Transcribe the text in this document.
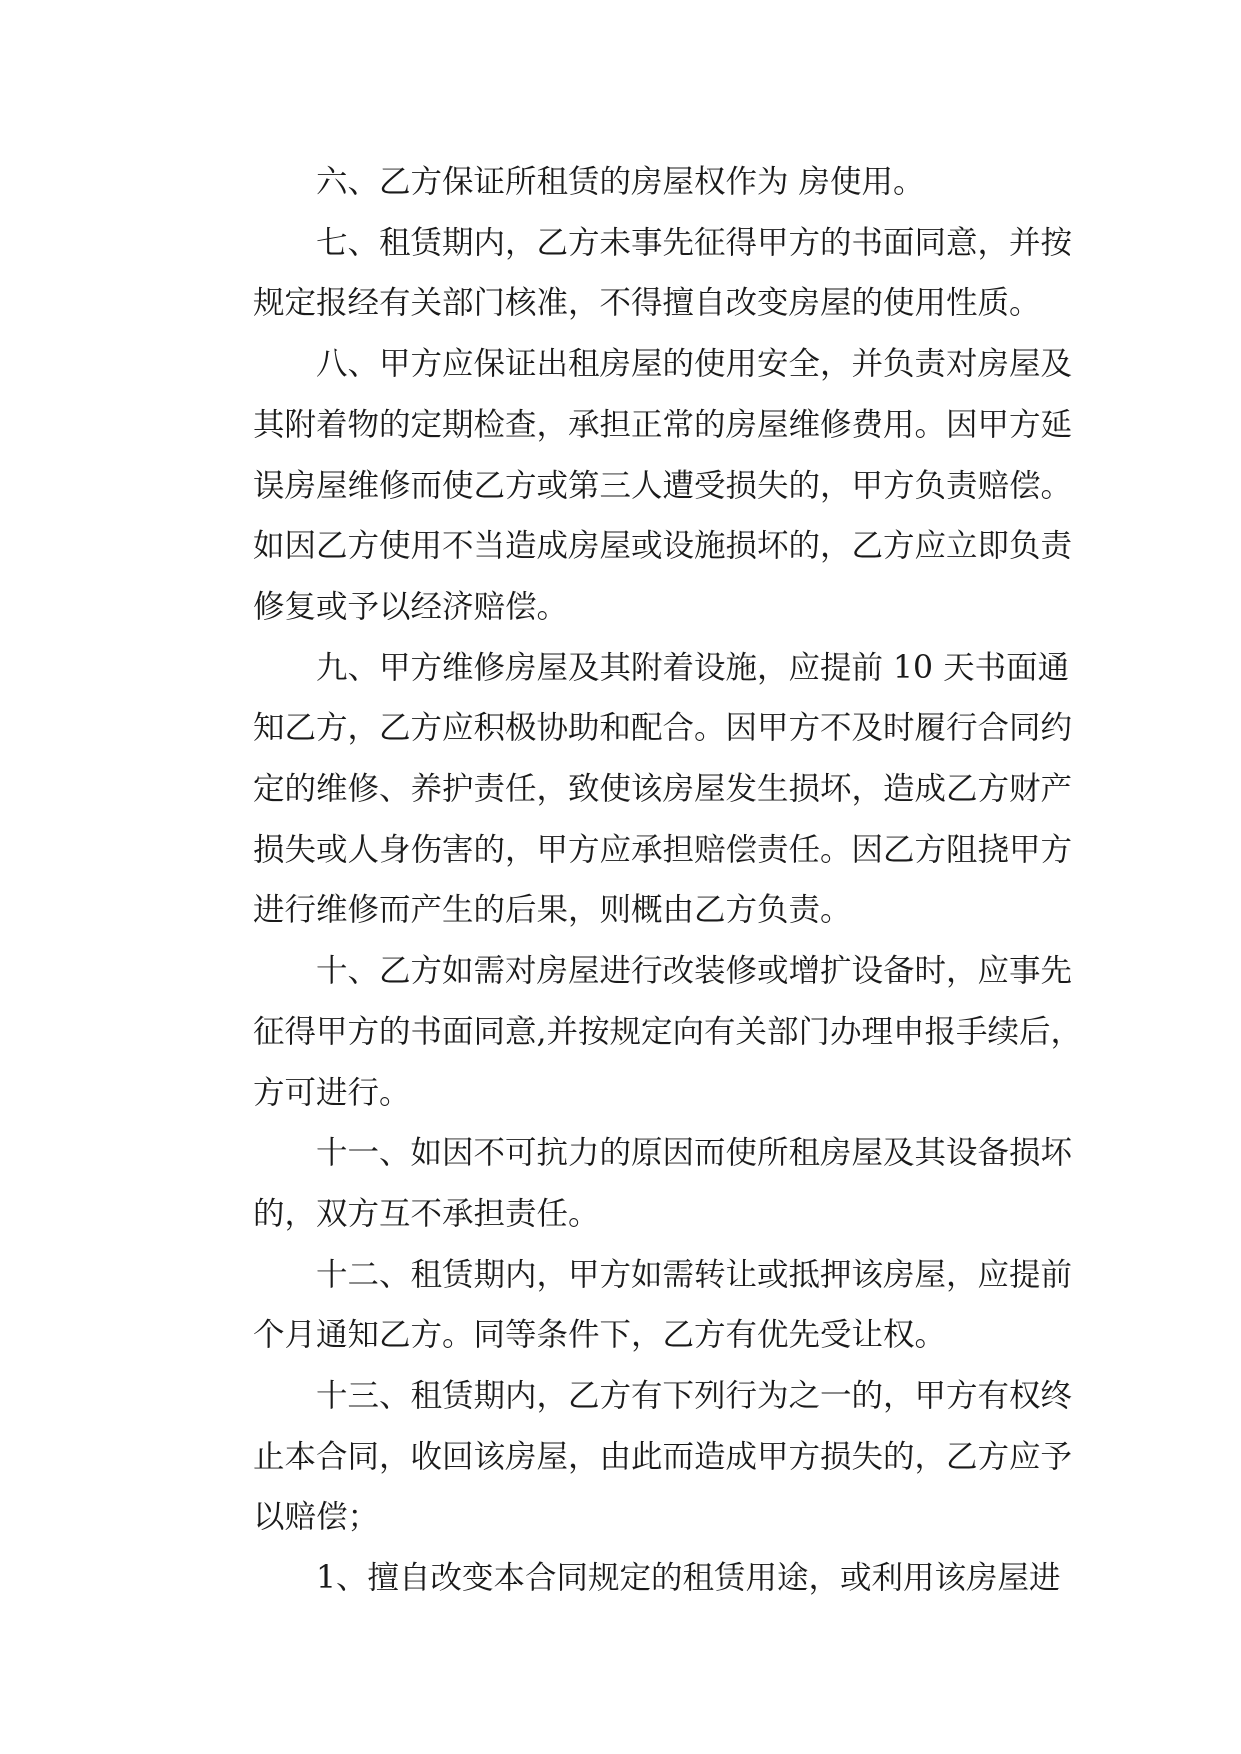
六、乙方保证所租赁的房屋权作为 房使用。

七、租赁期内，乙方未事先征得甲方的书面同意，并按
规定报经有关部门核准，不得擅自改变房屋的使用性质。

八、甲方应保证出租房屋的使用安全，并负责对房屋及
其附着物的定期检查，承担正常的房屋维修费用。因甲方延
误房屋维修而使乙方或第三人遭受损失的，甲方负责赔偿。
如因乙方使用不当造成房屋或设施损坏的，乙方应立即负责
修复或予以经济赔偿。

九、甲方维修房屋及其附着设施，应提前 10 天书面通
知乙方，乙方应积极协助和配合。因甲方不及时履行合同约
定的维修、养护责任，致使该房屋发生损坏，造成乙方财产
损失或人身伤害的，甲方应承担赔偿责任。因乙方阻挠甲方
进行维修而产生的后果，则概由乙方负责。

十、乙方如需对房屋进行改装修或增扩设备时，应事先
征得甲方的书面同意,并按规定向有关部门办理申报手续后，
方可进行。

十一、如因不可抗力的原因而使所租房屋及其设备损坏
的，双方互不承担责任。

十二、租赁期内，甲方如需转让或抵押该房屋，应提前
个月通知乙方。同等条件下，乙方有优先受让权。

十三、租赁期内，乙方有下列行为之一的，甲方有权终
止本合同，收回该房屋，由此而造成甲方损失的，乙方应予
以赔偿；

1、擅自改变本合同规定的租赁用途，或利用该房屋进
